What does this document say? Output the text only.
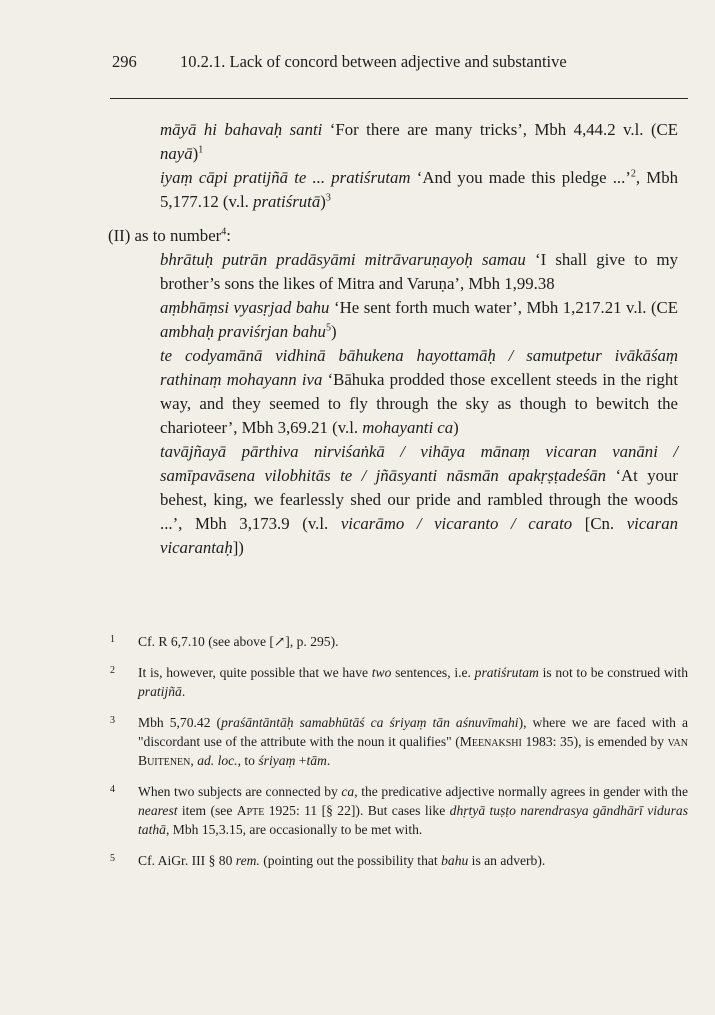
296	10.2.1. Lack of concord between adjective and substantive

māyā hi bahavaḥ santi ‘For there are many tricks’, Mbh 4,44.2 v.l. (CE nayā)$^1$

iyaṃ cāpi pratijñā te ... pratiśrutam ‘And you made this pledge ...’$^2$, Mbh 5,177.12 (v.l. pratiśrutā)$^3$

(II) as to number$^4$:

bhrātuḥ putrān pradāsyāmi mitrāvaruṇayoḥ samau ‘I shall give to my brother’s sons the likes of Mitra and Varuṇa’, Mbh 1,99.38

aṃbhāṃsi vyasṛjad bahu ‘He sent forth much water’, Mbh 1,217.21 v.l. (CE ambhaḥ praviśrjan bahu$^5$)

te codyamānā vidhinā bāhukena hayottamāḥ / samutpetur ivākāśaṃ rathinaṃ mohayann iva ‘Bāhuka prodded those excellent steeds in the right way, and they seemed to fly through the sky as though to bewitch the charioteer’, Mbh 3,69.21 (v.l. mohayanti ca)

tavājñayā pārthiva nirviśaṅkā / vihāya mānaṃ vicaran vanāni / samīpavāsena vilobhitās te / jñāsyanti nāsmān apakṛṣṭadeśān ‘At your behest, king, we fearlessly shed our pride and rambled through the woods ...’, Mbh 3,173.9 (v.l. vicarāmo / vicaranto / carato [Cn. vicaran vicarantaḥ])

1 Cf. R 6,7.10 (see above [↗], p. 295).
2 It is, however, quite possible that we have two sentences, i.e. pratiśrutam is not to be construed with pratijñā.
3 Mbh 5,70.42 (praśāntāntāḥ samabhūtāś ca śriyaṃ tān aśnuvīmahi), where we are faced with a "discordant use of the attribute with the noun it qualifies" (Meenakshi 1983: 35), is emended by van Buitenen, ad. loc., to śriyaṃ +tām.
4 When two subjects are connected by ca, the predicative adjective normally agrees in gender with the nearest item (see Apte 1925: 11 [§ 22]). But cases like dhṛtyā tuṣṭo narendrasya gāndhārī viduras tathā, Mbh 15,3.15, are occasionally to be met with.
5 Cf. AiGr. III § 80 rem. (pointing out the possibility that bahu is an adverb).
